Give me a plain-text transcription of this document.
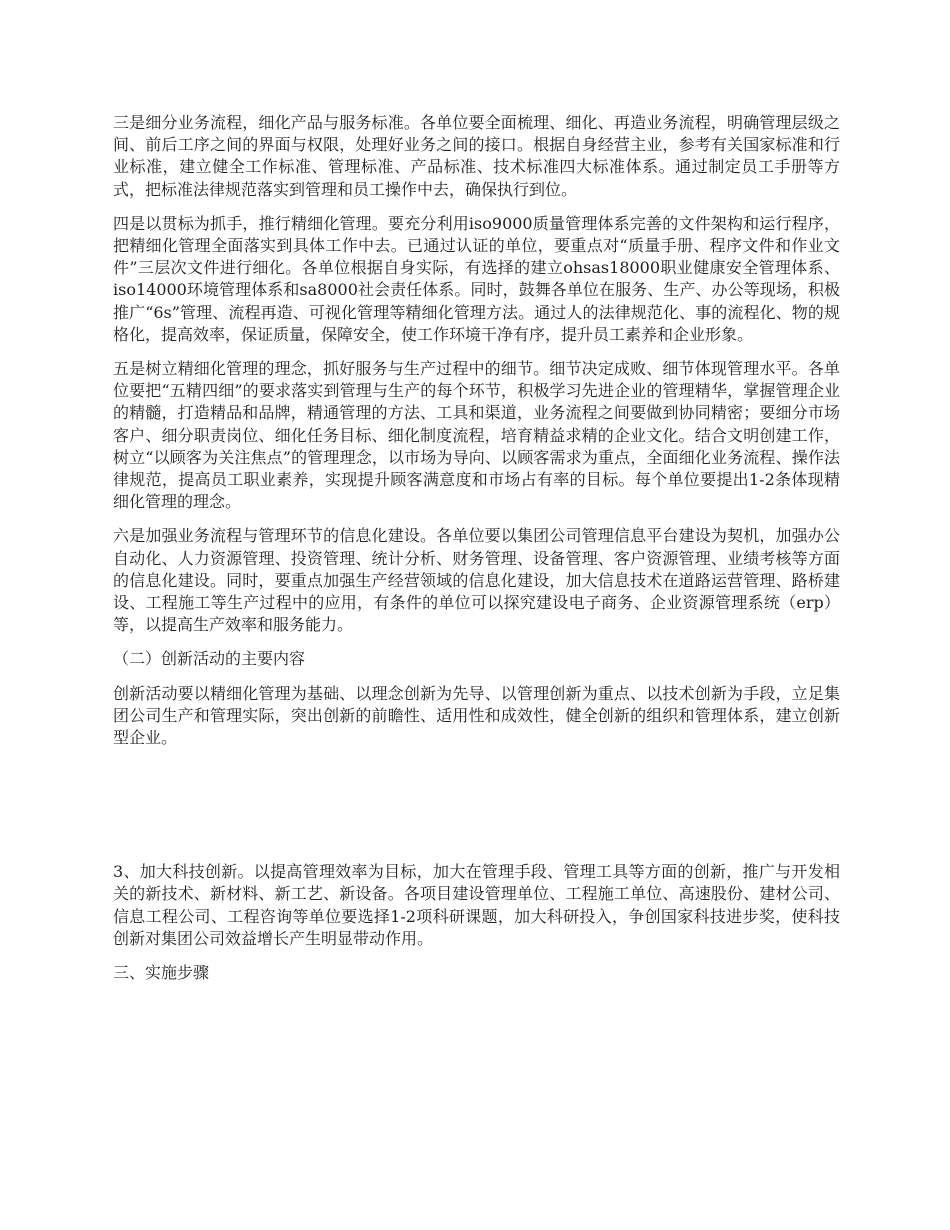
三是细分业务流程，细化产品与服务标准。各单位要全面梳理、细化、再造业务流程，明确管理层级之间、前后工序之间的界面与权限，处理好业务之间的接口。根据自身经营主业，参考有关国家标准和行业标准，建立健全工作标准、管理标准、产品标准、技术标准四大标准体系。通过制定员工手册等方式，把标准法律规范落实到管理和员工操作中去，确保执行到位。

四是以贯标为抓手，推行精细化管理。要充分利用iso9000质量管理体系完善的文件架构和运行程序，把精细化管理全面落实到具体工作中去。已通过认证的单位，要重点对“质量手册、程序文件和作业文件”三层次文件进行细化。各单位根据自身实际，有选择的建立ohsas18000职业健康安全管理体系、iso14000环境管理体系和sa8000社会责任体系。同时，鼓舞各单位在服务、生产、办公等现场，积极推广“6s”管理、流程再造、可视化管理等精细化管理方法。通过人的法律规范化、事的流程化、物的规格化，提高效率，保证质量，保障安全，使工作环境干净有序，提升员工素养和企业形象。

五是树立精细化管理的理念，抓好服务与生产过程中的细节。细节决定成败、细节体现管理水平。各单位要把“五精四细”的要求落实到管理与生产的每个环节，积极学习先进企业的管理精华，掌握管理企业的精髓，打造精品和品牌，精通管理的方法、工具和渠道，业务流程之间要做到协同精密；要细分市场客户、细分职责岗位、细化任务目标、细化制度流程，培育精益求精的企业文化。结合文明创建工作，树立“以顾客为关注焦点”的管理理念，以市场为导向、以顾客需求为重点，全面细化业务流程、操作法律规范，提高员工职业素养，实现提升顾客满意度和市场占有率的目标。每个单位要提出1-2条体现精细化管理的理念。

六是加强业务流程与管理环节的信息化建设。各单位要以集团公司管理信息平台建设为契机，加强办公自动化、人力资源管理、投资管理、统计分析、财务管理、设备管理、客户资源管理、业绩考核等方面的信息化建设。同时，要重点加强生产经营领域的信息化建设，加大信息技术在道路运营管理、路桥建设、工程施工等生产过程中的应用，有条件的单位可以探究建设电子商务、企业资源管理系统（erp）等，以提高生产效率和服务能力。

（二）创新活动的主要内容

创新活动要以精细化管理为基础、以理念创新为先导、以管理创新为重点、以技术创新为手段，立足集团公司生产和管理实际，突出创新的前瞻性、适用性和成效性，健全创新的组织和管理体系，建立创新型企业。

3、加大科技创新。以提高管理效率为目标，加大在管理手段、管理工具等方面的创新，推广与开发相关的新技术、新材料、新工艺、新设备。各项目建设管理单位、工程施工单位、高速股份、建材公司、信息工程公司、工程咨询等单位要选择1-2项科研课题，加大科研投入，争创国家科技进步奖，使科技创新对集团公司效益增长产生明显带动作用。

三、实施步骤
